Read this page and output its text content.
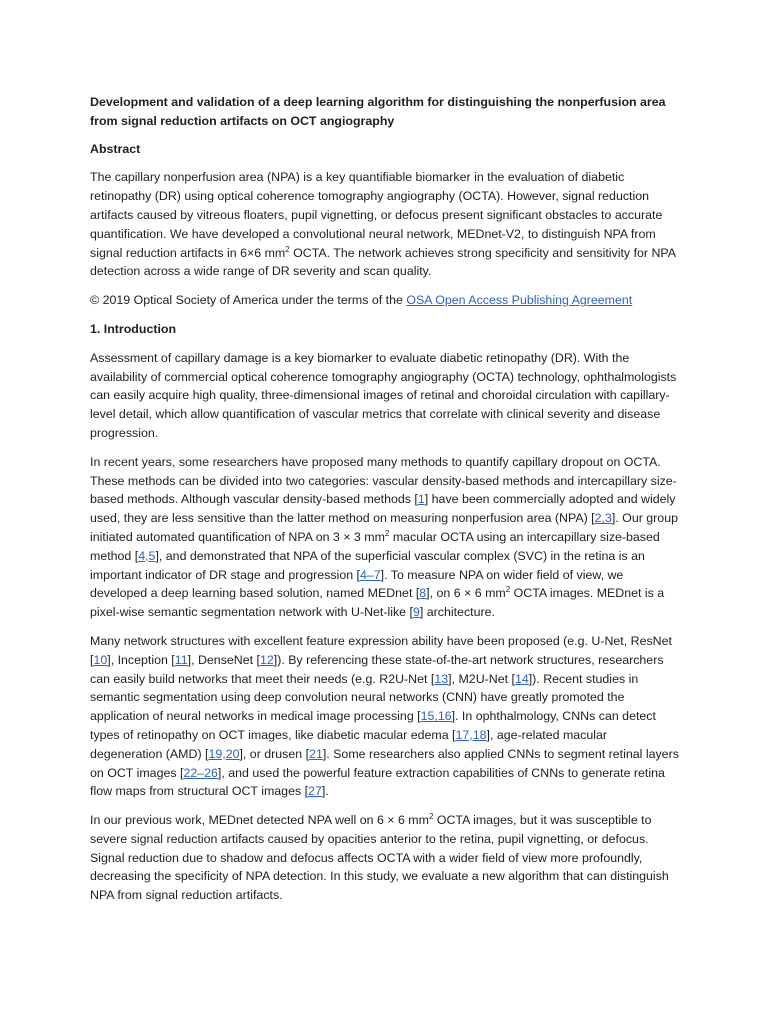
Development and validation of a deep learning algorithm for distinguishing the nonperfusion area from signal reduction artifacts on OCT angiography

Abstract

The capillary nonperfusion area (NPA) is a key quantifiable biomarker in the evaluation of diabetic retinopathy (DR) using optical coherence tomography angiography (OCTA). However, signal reduction artifacts caused by vitreous floaters, pupil vignetting, or defocus present significant obstacles to accurate quantification. We have developed a convolutional neural network, MEDnet-V2, to distinguish NPA from signal reduction artifacts in 6×6 $mm^2$ OCTA. The network achieves strong specificity and sensitivity for NPA detection across a wide range of DR severity and scan quality.

© 2019 Optical Society of America under the terms of the OSA Open Access Publishing Agreement

1. Introduction

Assessment of capillary damage is a key biomarker to evaluate diabetic retinopathy (DR). With the availability of commercial optical coherence tomography angiography (OCTA) technology, ophthalmologists can easily acquire high quality, three-dimensional images of retinal and choroidal circulation with capillary-level detail, which allow quantification of vascular metrics that correlate with clinical severity and disease progression.

In recent years, some researchers have proposed many methods to quantify capillary dropout on OCTA. These methods can be divided into two categories: vascular density-based methods and intercapillary size-based methods. Although vascular density-based methods [1] have been commercially adopted and widely used, they are less sensitive than the latter method on measuring nonperfusion area (NPA) [2,3]. Our group initiated automated quantification of NPA on 3 × 3 $mm^2$ macular OCTA using an intercapillary size-based method [4,5], and demonstrated that NPA of the superficial vascular complex (SVC) in the retina is an important indicator of DR stage and progression [4–7]. To measure NPA on wider field of view, we developed a deep learning based solution, named MEDnet [8], on 6 × 6 $mm^2$ OCTA images. MEDnet is a pixel-wise semantic segmentation network with U-Net-like [9] architecture.

Many network structures with excellent feature expression ability have been proposed (e.g. U-Net, ResNet [10], Inception [11], DenseNet [12]). By referencing these state-of-the-art network structures, researchers can easily build networks that meet their needs (e.g. R2U-Net [13], M2U-Net [14]). Recent studies in semantic segmentation using deep convolution neural networks (CNN) have greatly promoted the application of neural networks in medical image processing [15,16]. In ophthalmology, CNNs can detect types of retinopathy on OCT images, like diabetic macular edema [17,18], age-related macular degeneration (AMD) [19,20], or drusen [21]. Some researchers also applied CNNs to segment retinal layers on OCT images [22–26], and used the powerful feature extraction capabilities of CNNs to generate retina flow maps from structural OCT images [27].

In our previous work, MEDnet detected NPA well on 6 × 6 $mm^2$ OCTA images, but it was susceptible to severe signal reduction artifacts caused by opacities anterior to the retina, pupil vignetting, or defocus. Signal reduction due to shadow and defocus affects OCTA with a wider field of view more profoundly, decreasing the specificity of NPA detection. In this study, we evaluate a new algorithm that can distinguish NPA from signal reduction artifacts.
